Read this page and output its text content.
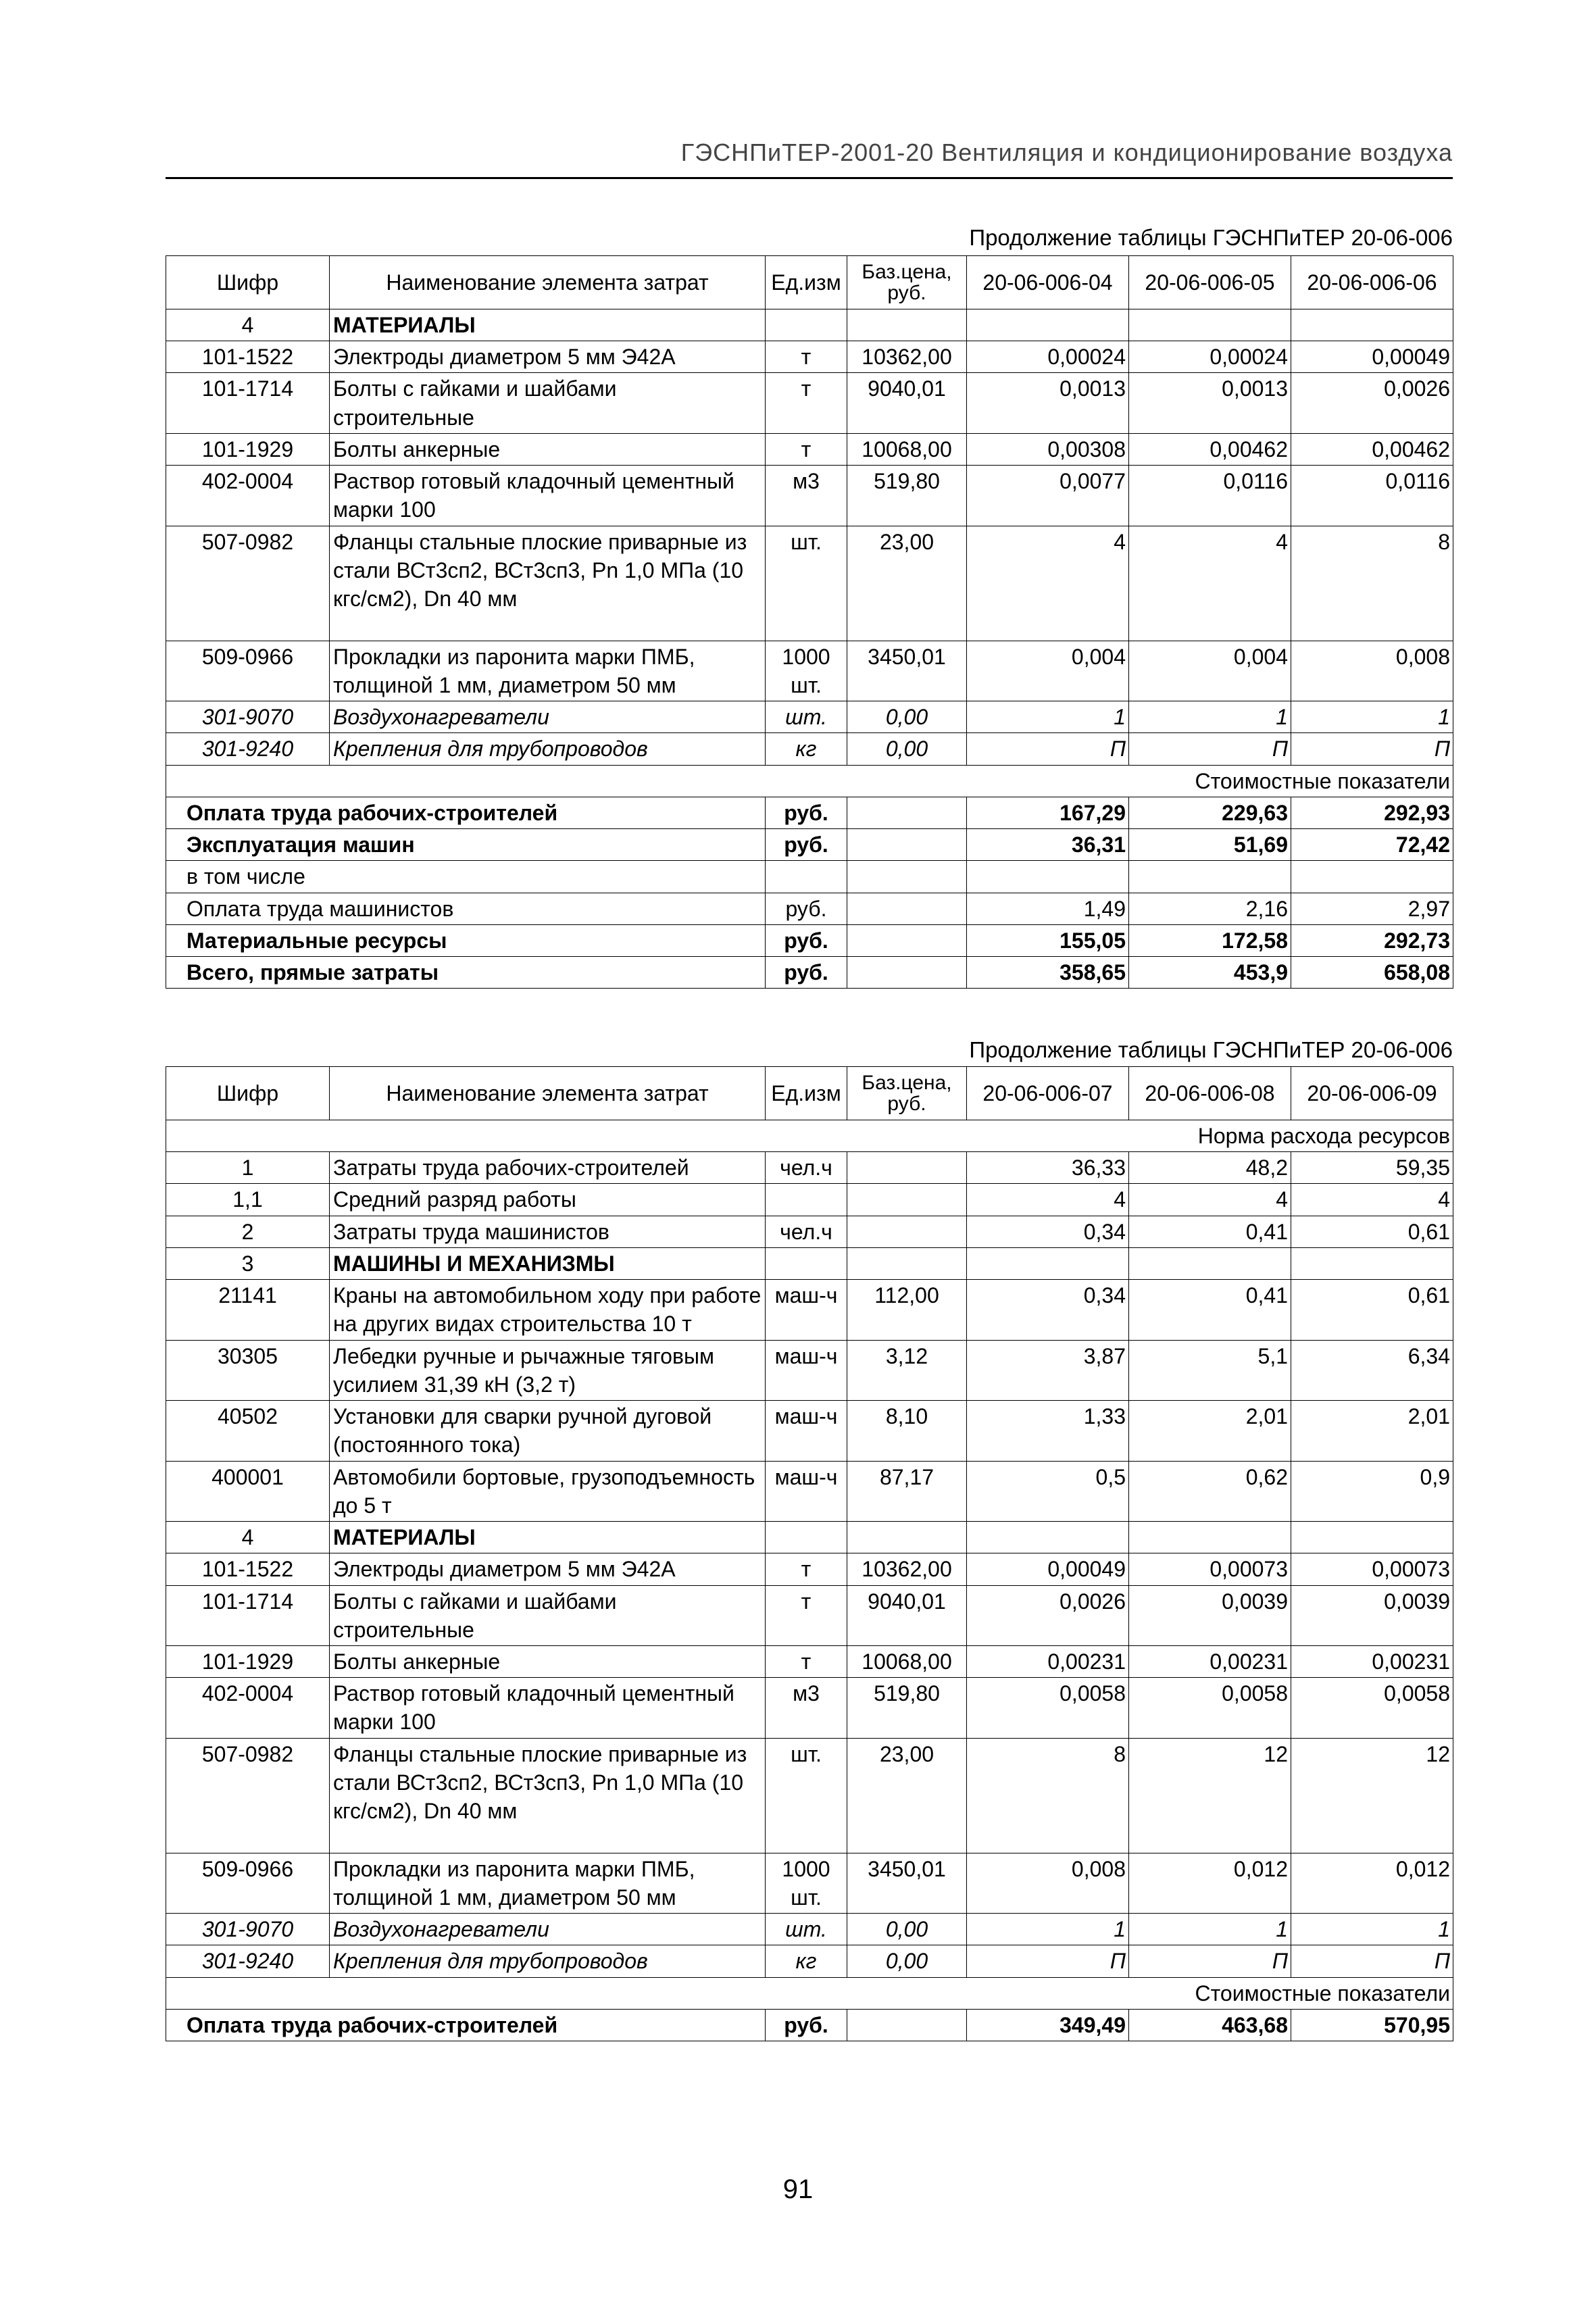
ГЭСНПиТЕР-2001-20 Вентиляция и кондиционирование воздуха
Продолжение таблицы ГЭСНПиТЕР 20-06-006
Шифр	Наименование элемента затрат	Ед.изм	Баз.цена, руб.	20-06-006-04	20-06-006-05	20-06-006-06
4	МАТЕРИАЛЫ					
101-1522	Электроды диаметром 5 мм Э42А	т	10362,00	0,00024	0,00024	0,00049
101-1714	Болты с гайками и шайбами строительные	т	9040,01	0,0013	0,0013	0,0026
101-1929	Болты анкерные	т	10068,00	0,00308	0,00462	0,00462
402-0004	Раствор готовый кладочный цементный марки 100	м3	519,80	0,0077	0,0116	0,0116
507-0982	Фланцы стальные плоские приварные из стали ВСт3сп2, ВСт3сп3, Рn 1,0 МПа (10 кгс/см2), Dn 40 мм	шт.	23,00	4	4	8
509-0966	Прокладки из паронита марки ПМБ, толщиной 1 мм, диаметром 50 мм	1000 шт.	3450,01	0,004	0,004	0,008
301-9070	Воздухонагреватели	шт.	0,00	1	1	1
301-9240	Крепления для трубопроводов	кг	0,00	П	П	П
Стоимостные показатели						
Оплата труда рабочих-строителей		руб.		167,29	229,63	292,93
Эксплуатация машин		руб.		36,31	51,69	72,42
в том числе						
Оплата труда машинистов		руб.		1,49	2,16	2,97
Материальные ресурсы		руб.		155,05	172,58	292,73
Всего, прямые затраты		руб.		358,65	453,9	658,08
Продолжение таблицы ГЭСНПиТЕР 20-06-006
Шифр	Наименование элемента затрат	Ед.изм	Баз.цена, руб.	20-06-006-07	20-06-006-08	20-06-006-09
Норма расхода ресурсов						
1	Затраты труда рабочих-строителей	чел.ч		36,33	48,2	59,35
1,1	Средний разряд работы			4	4	4
2	Затраты труда машинистов	чел.ч		0,34	0,41	0,61
3	МАШИНЫ И МЕХАНИЗМЫ					
21141	Краны на автомобильном ходу при работе на других видах строительства 10 т	маш-ч	112,00	0,34	0,41	0,61
30305	Лебедки ручные и рычажные тяговым усилием 31,39 кН (3,2 т)	маш-ч	3,12	3,87	5,1	6,34
40502	Установки для сварки ручной дуговой (постоянного тока)	маш-ч	8,10	1,33	2,01	2,01
400001	Автомобили бортовые, грузоподъемность до 5 т	маш-ч	87,17	0,5	0,62	0,9
4	МАТЕРИАЛЫ					
101-1522	Электроды диаметром 5 мм Э42А	т	10362,00	0,00049	0,00073	0,00073
101-1714	Болты с гайками и шайбами строительные	т	9040,01	0,0026	0,0039	0,0039
101-1929	Болты анкерные	т	10068,00	0,00231	0,00231	0,00231
402-0004	Раствор готовый кладочный цементный марки 100	м3	519,80	0,0058	0,0058	0,0058
507-0982	Фланцы стальные плоские приварные из стали ВСт3сп2, ВСт3сп3, Рn 1,0 МПа (10 кгс/см2), Dn 40 мм	шт.	23,00	8	12	12
509-0966	Прокладки из паронита марки ПМБ, толщиной 1 мм, диаметром 50 мм	1000 шт.	3450,01	0,008	0,012	0,012
301-9070	Воздухонагреватели	шт.	0,00	1	1	1
301-9240	Крепления для трубопроводов	кг	0,00	П	П	П
Стоимостные показатели						
Оплата труда рабочих-строителей		руб.		349,49	463,68	570,95
91
